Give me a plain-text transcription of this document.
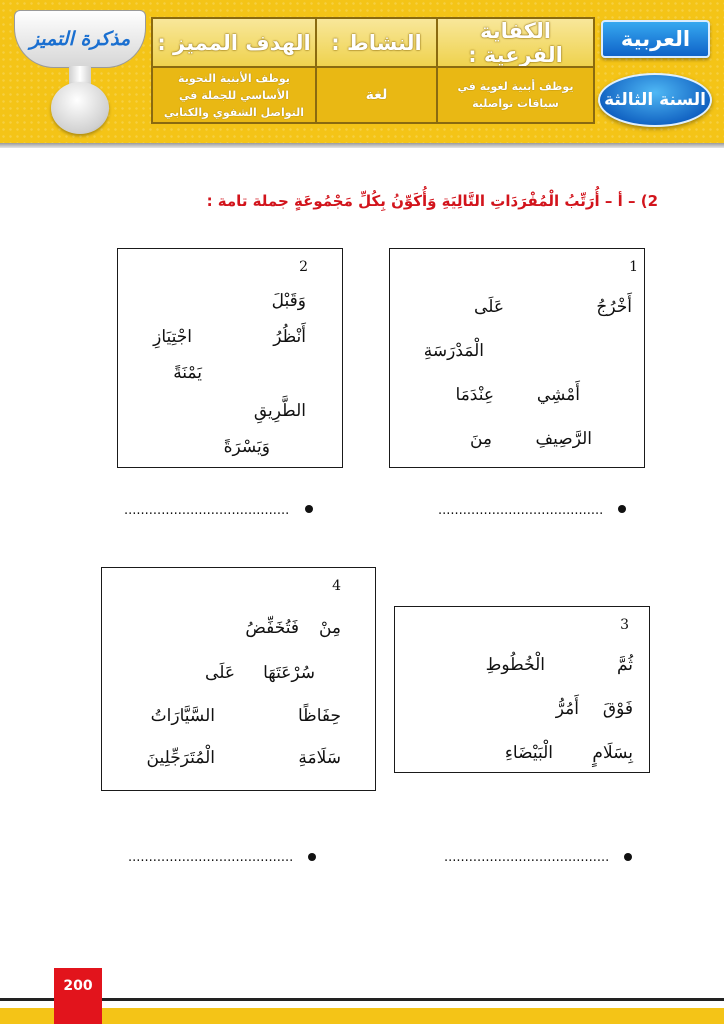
العربية
السنة الثالثة
الكفاية الفرعية :
يوظف أبنية لغوية في سياقات تواصلية
النشاط :
لغة
الهدف المميز :
يوظف الأبنية النحوية الأساسي للجملة في التواصل الشفوي والكتابي
مذكرة التميز
2) – أ – أُرَتِّبُ الْمُفْرَدَاتِ التَّالِيَةِ وَأُكَوِّنُ بِكُلِّ مَجْمُوعَةٍ جملة تامة :
1
أَخْرُجُ
عَلَى
الْمَدْرَسَةِ
أَمْشِي
عِنْدَمَا
الرَّصِيفِ
مِنَ
2
وَقَبْلَ
أَنْظُرُ
اجْتِيَازِ
يَمْنَةً
الطَّرِيقِ
وَيَسْرَةً
........................................
........................................
3
ثُمَّ
الْخُطُوطِ
فَوْقَ
أَمُرُّ
بِسَلَامٍ
الْبَيْضَاءِ
4
مِنْ
فَتُخَفِّضُ
سُرْعَتَهَا
عَلَى
حِفَاظًا
السَّيَّارَاتُ
سَلَامَةِ
الْمُتَرَجِّلِينَ
........................................
........................................
200
